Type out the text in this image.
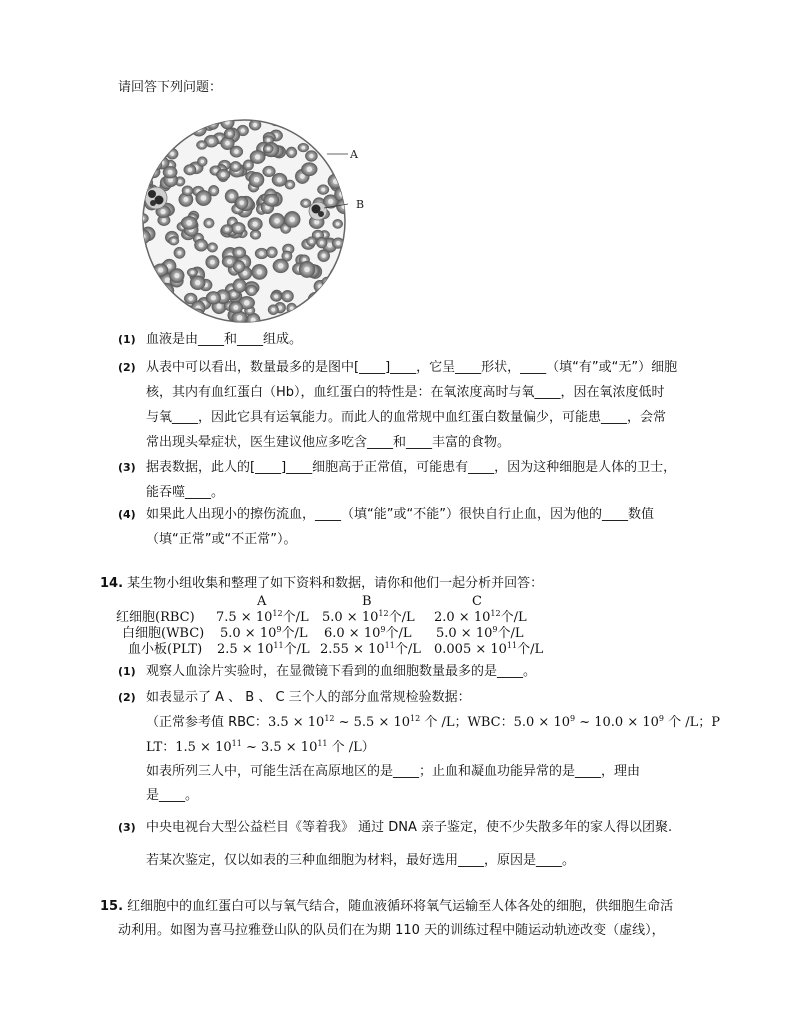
请回答下列问题：
A
B
(1) 血液是由____和____组成。
(2) 从表中可以看出，数量最多的是图中[____]____，它呈____形状，____（填“有”或“无”）细胞
核，其内有血红蛋白（Hb），血红蛋白的特性是：在氧浓度高时与氧____，因在氧浓度低时
与氧____，因此它具有运氧能力。而此人的血常规中血红蛋白数量偏少，可能患____，会常
常出现头晕症状，医生建议他应多吃含____和____丰富的食物。
(3) 据表数据，此人的[____]____细胞高于正常值，可能患有____，因为这种细胞是人体的卫士，
能吞噬____。
(4) 如果此人出现小的擦伤流血，____（填“能”或“不能”）很快自行止血，因为他的____数值
（填“正常”或“不正常”）。
14. 某生物小组收集和整理了如下资料和数据，请你和他们一起分析并回答：
A	B	C
红细胞(RBC) $7.5 \times 10^{12}$个/L $5.0 \times 10^{12}$个/L $2.0 \times 10^{12}$个/L
白细胞(WBC) $5.0 \times 10^9$个/L $6.0 \times 10^9$个/L $5.0 \times 10^9$个/L
血小板(PLT) $2.5 \times 10^{11}$个/L $2.55 \times 10^{11}$个/L $0.005 \times 10^{11}$个/L
(1) 观察人血涂片实验时，在显微镜下看到的血细胞数量最多的是____。
(2) 如表显示了 A 、 B 、 C 三个人的部分血常规检验数据：
（正常参考值 RBC：$3.5 \times 10^{12}$ ~ $5.5 \times 10^{12}$ 个 /L；WBC：$5.0 \times 10^9$ ~ $10.0 \times 10^9$ 个 /L；P
LT：$1.5 \times 10^{11}$ ~ $3.5 \times 10^{11}$ 个 /L）
如表所列三人中，可能生活在高原地区的是____；止血和凝血功能异常的是____，理由
是____。
(3) 中央电视台大型公益栏目《等着我》 通过 DNA 亲子鉴定，使不少失散多年的家人得以团聚.
若某次鉴定，仅以如表的三种血细胞为材料，最好选用____，原因是____。
15. 红细胞中的血红蛋白可以与氧气结合，随血液循环将氧气运输至人体各处的细胞，供细胞生命活
动利用。如图为喜马拉雅登山队的队员们在为期 110 天的训练过程中随运动轨迹改变（虚线），
